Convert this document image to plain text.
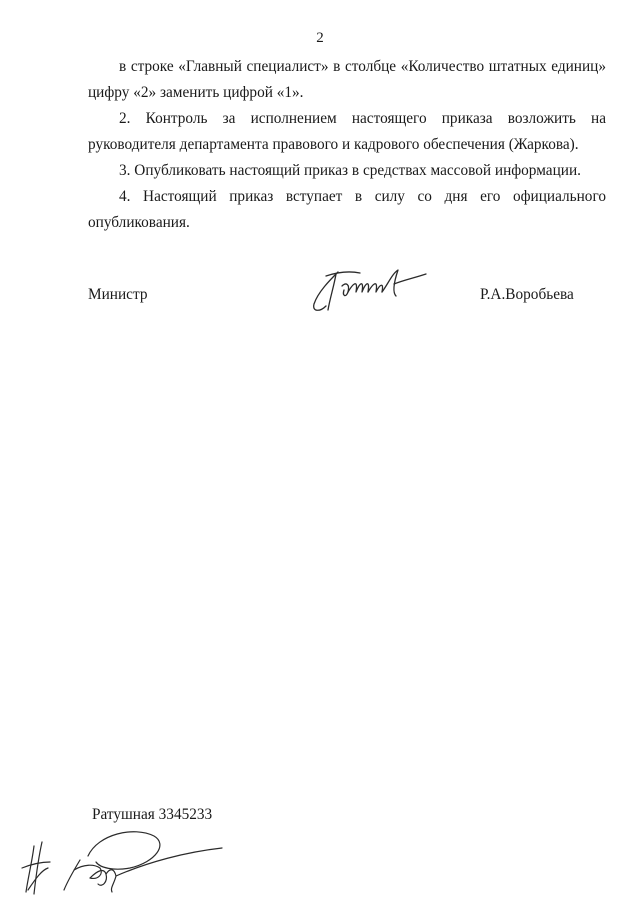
2

в строке «Главный специалист» в столбце «Количество штатных единиц» цифру «2» заменить цифрой «1».

2. Контроль за исполнением настоящего приказа возложить на руководителя департамента правового и кадрового обеспечения (Жаркова).

3. Опубликовать настоящий приказ в средствах массовой информации.

4. Настоящий приказ вступает в силу со дня его официального опубликования.

Министр	Р.А.Воробьева
Ратушная 3345233
